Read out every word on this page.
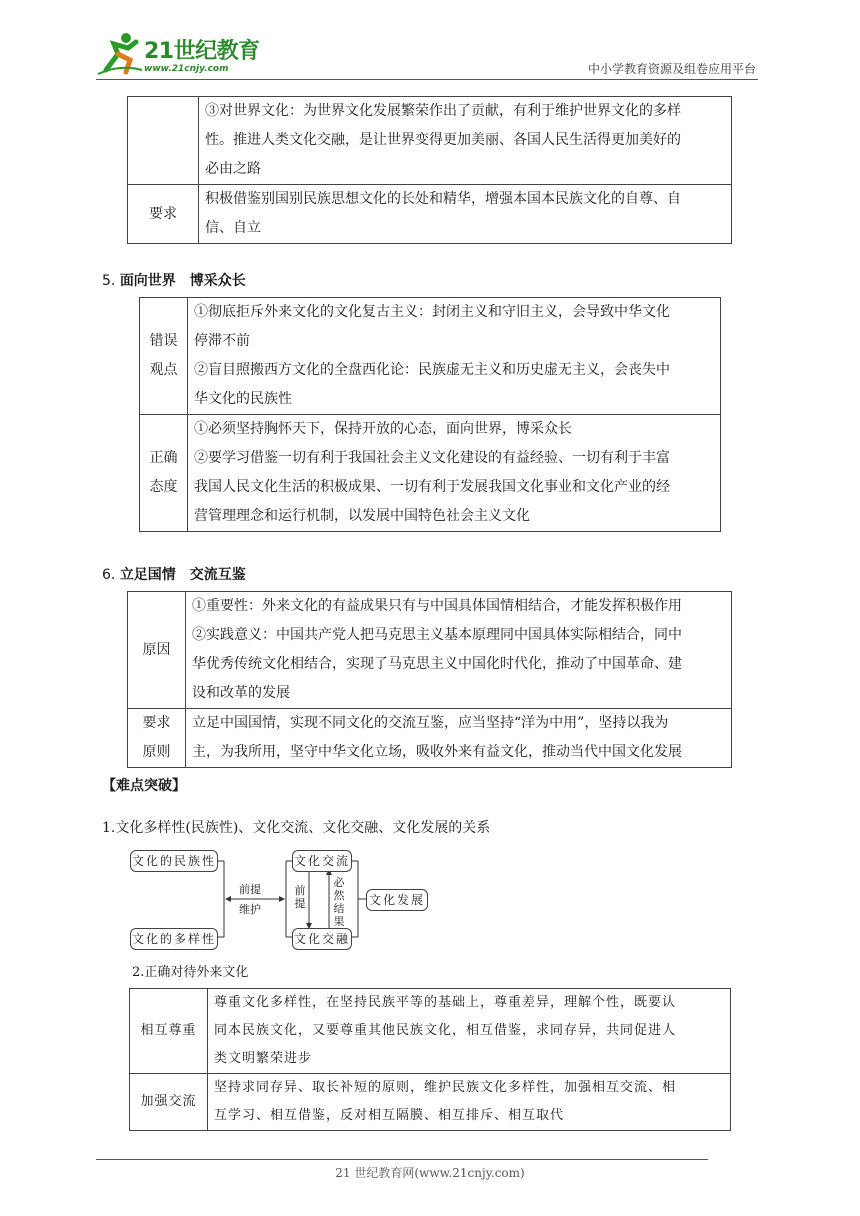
21世纪教育
www.21cnjy.com	中小学教育资源及组卷应用平台

	③对世界文化：为世界文化发展繁荣作出了贡献，有利于维护世界文化的多样
性。推进人类文化交融，是让世界变得更加美丽、各国人民生活得更加美好的
必由之路

要求	积极借鉴别国别民族思想文化的长处和精华，增强本国本民族文化的自尊、自
信、自立
5. 面向世界　博采众长
错误
观点	①彻底拒斥外来文化的文化复古主义：封闭主义和守旧主义，会导致中华文化
停滞不前
②盲目照搬西方文化的全盘西化论：民族虚无主义和历史虚无主义，会丧失中
华文化的民族性

正确
态度	①必须坚持胸怀天下，保持开放的心态，面向世界，博采众长
②要学习借鉴一切有利于我国社会主义文化建设的有益经验、一切有利于丰富
我国人民文化生活的积极成果、一切有利于发展我国文化事业和文化产业的经
营管理理念和运行机制，以发展中国特色社会主义文化
6. 立足国情　交流互鉴
原因	①重要性：外来文化的有益成果只有与中国具体国情相结合，才能发挥积极作用
②实践意义：中国共产党人把马克思主义基本原理同中国具体实际相结合，同中
华优秀传统文化相结合，实现了马克思主义中国化时代化，推动了中国革命、建
设和改革的发展

要求
原则	立足中国国情，实现不同文化的交流互鉴，应当坚持“洋为中用”，坚持以我为
主，为我所用，坚守中华文化立场，吸收外来有益文化，推动当代中国文化发展
【难点突破】
1.文化多样性(民族性)、文化交流、文化交融、文化发展的关系
文化的民族性
文化的多样性
前提
维护
文化交流
文化交融
前提
必然结果
文化发展
2.正确对待外来文化
相互尊重	尊重文化多样性，在坚持民族平等的基础上，尊重差异，理解个性，既要认
同本民族文化，又要尊重其他民族文化，相互借鉴，求同存异，共同促进人
类文明繁荣进步

加强交流	坚持求同存异、取长补短的原则，维护民族文化多样性，加强相互交流、相
互学习、相互借鉴，反对相互隔膜、相互排斥、相互取代
21 世纪教育网(www.21cnjy.com)
